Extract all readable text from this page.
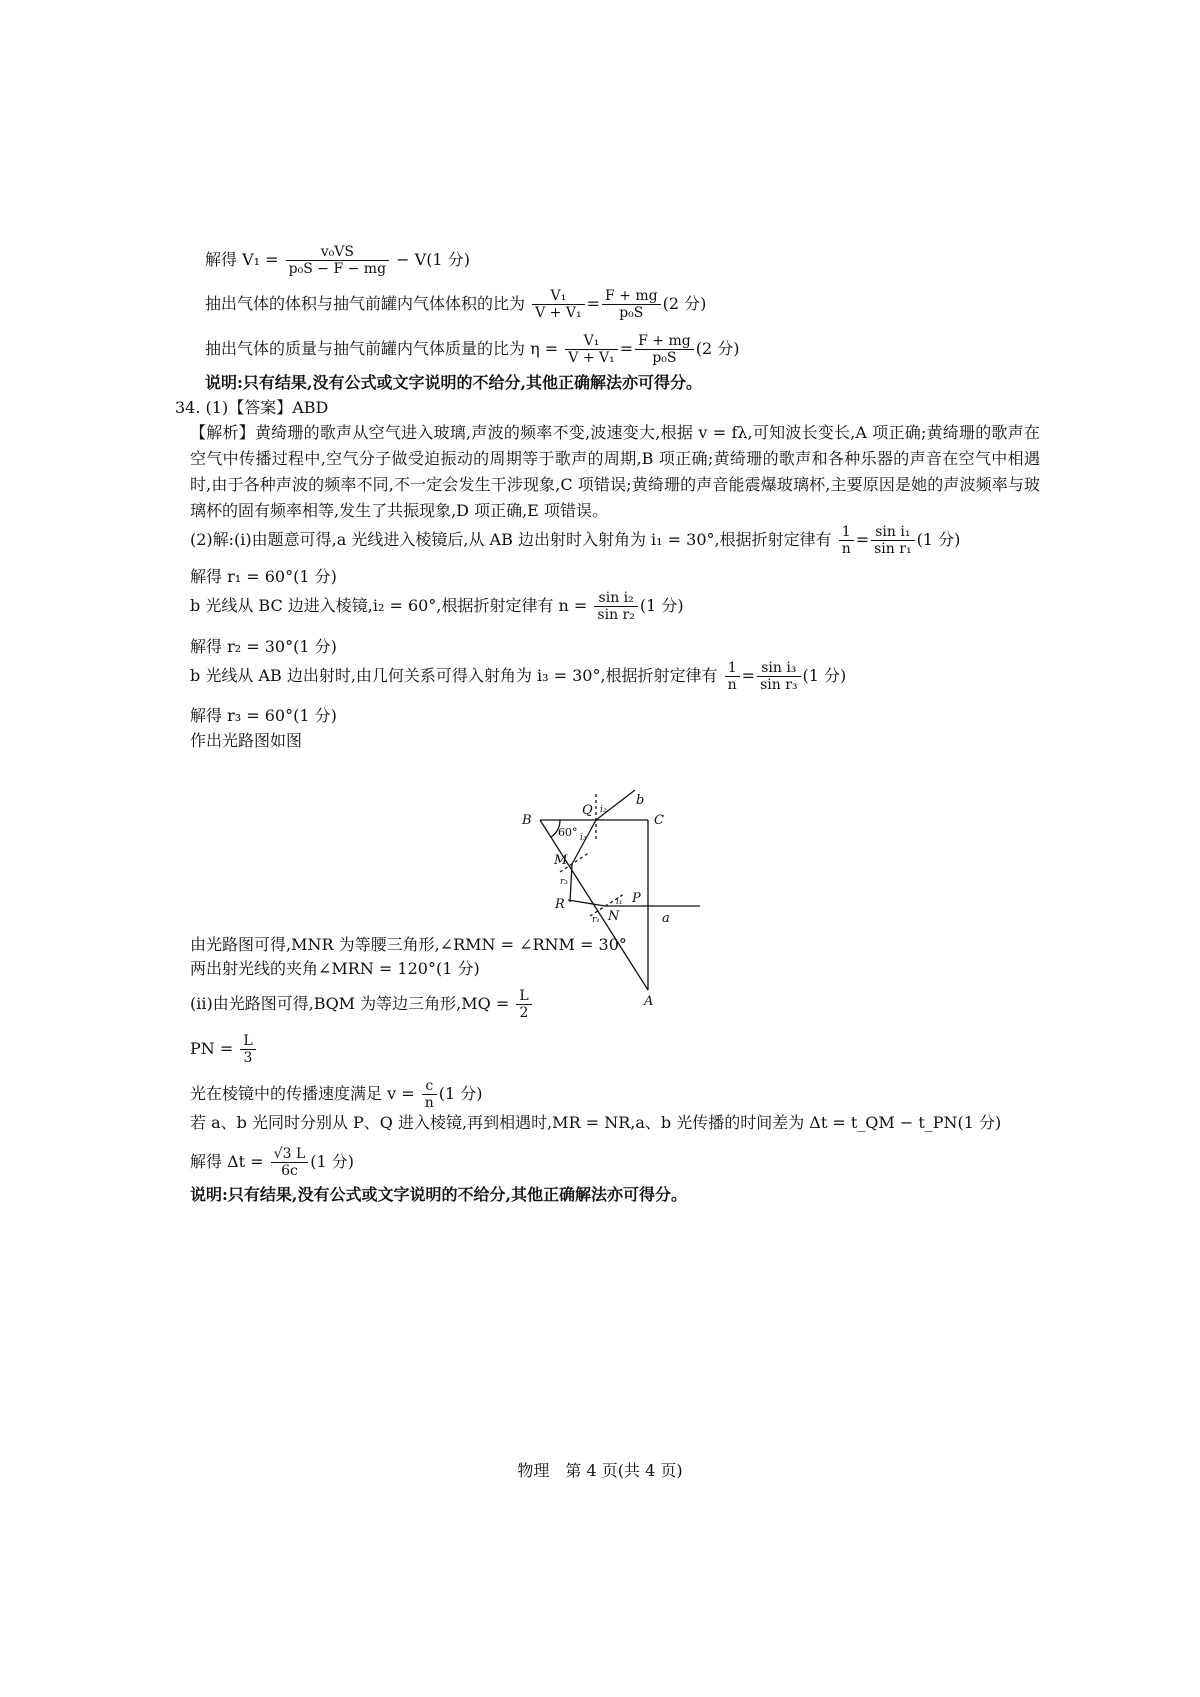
解得 $V_1 = \frac{\text{v₀VS}}{\text{p₀S − F − mg}} - V(1$ 分)
抽出气体的体积与抽气前罐内气体体积的比为 $\frac{\text{V₁}}{\text{V + V₁}} = \frac{F + mg}{\text{p₀S}} (2$ 分)
抽出气体的质量与抽气前罐内气体质量的比为 $\eta = \frac{\text{V₁}}{\text{V + V₁}} = \frac{F + mg}{\text{p₀S}} (2$ 分)
说明:只有结果,没有公式或文字说明的不给分,其他正确解法亦可得分。
34. (1)【答案】ABD
【解析】黄绮珊的歌声从空气进入玻璃,声波的频率不变,波速变大,根据 v = fλ,可知波长变长,A 项正确;黄绮珊的歌声在空气中传播过程中,空气分子做受迫振动的周期等于歌声的周期,B 项正确;黄绮珊的歌声和各种乐器的声音在空气中相遇时,由于各种声波的频率不同,不一定会发生干涉现象,C 项错误;黄绮珊的声音能震爆玻璃杯,主要原因是她的声波频率与玻璃杯的固有频率相等,发生了共振现象,D 项正确,E 项错误。
(2)解:(i)由题意可得,a 光线进入棱镜后,从 AB 边出射时入射角为 i₁ = 30°,根据折射定律有 $\frac{1}{n} = \frac{\text{sin i₁}}{\text{sin r₁}} (1$ 分)
解得 r₁ = 60°(1 分)
b 光线从 BC 边进入棱镜,i₂ = 60°,根据折射定律有 $n = \frac{\text{sin i₂}}{\text{sin r₂}} (1$ 分)
解得 r₂ = 30°(1 分)
b 光线从 AB 边出射时,由几何关系可得入射角为 i₃ = 30°,根据折射定律有 $\frac{1}{n} = \frac{\text{sin i₃}}{\text{sin r₃}} (1$ 分)
解得 r₃ = 60°(1 分)
作出光路图如图
B	C
A
Q
M
R
N
P
a
b
60°
i₂
i₃
i₁
r₃
r₁
由光路图可得,MNR 为等腰三角形,∠RMN = ∠RNM = 30°
两出射光线的夹角∠MRN = 120°(1 分)
(ii)由光路图可得,BQM 为等边三角形$,MQ = \frac{L}{2}$
PN = $\frac{L}{3}$
光在棱镜中的传播速度满足 $v = \frac{c}{n} (1$ 分)
若 a、b 光同时分别从 P、Q 进入棱镜,再到相遇时,MR = NR,a、b 光传播的时间差为 Δt = t_QM − t_PN(1 分)
解得 $\Delta t = \frac{√3 L}{6c} (1$ 分)
说明:只有结果,没有公式或文字说明的不给分,其他正确解法亦可得分。
物理　第 4 页(共 4 页)
